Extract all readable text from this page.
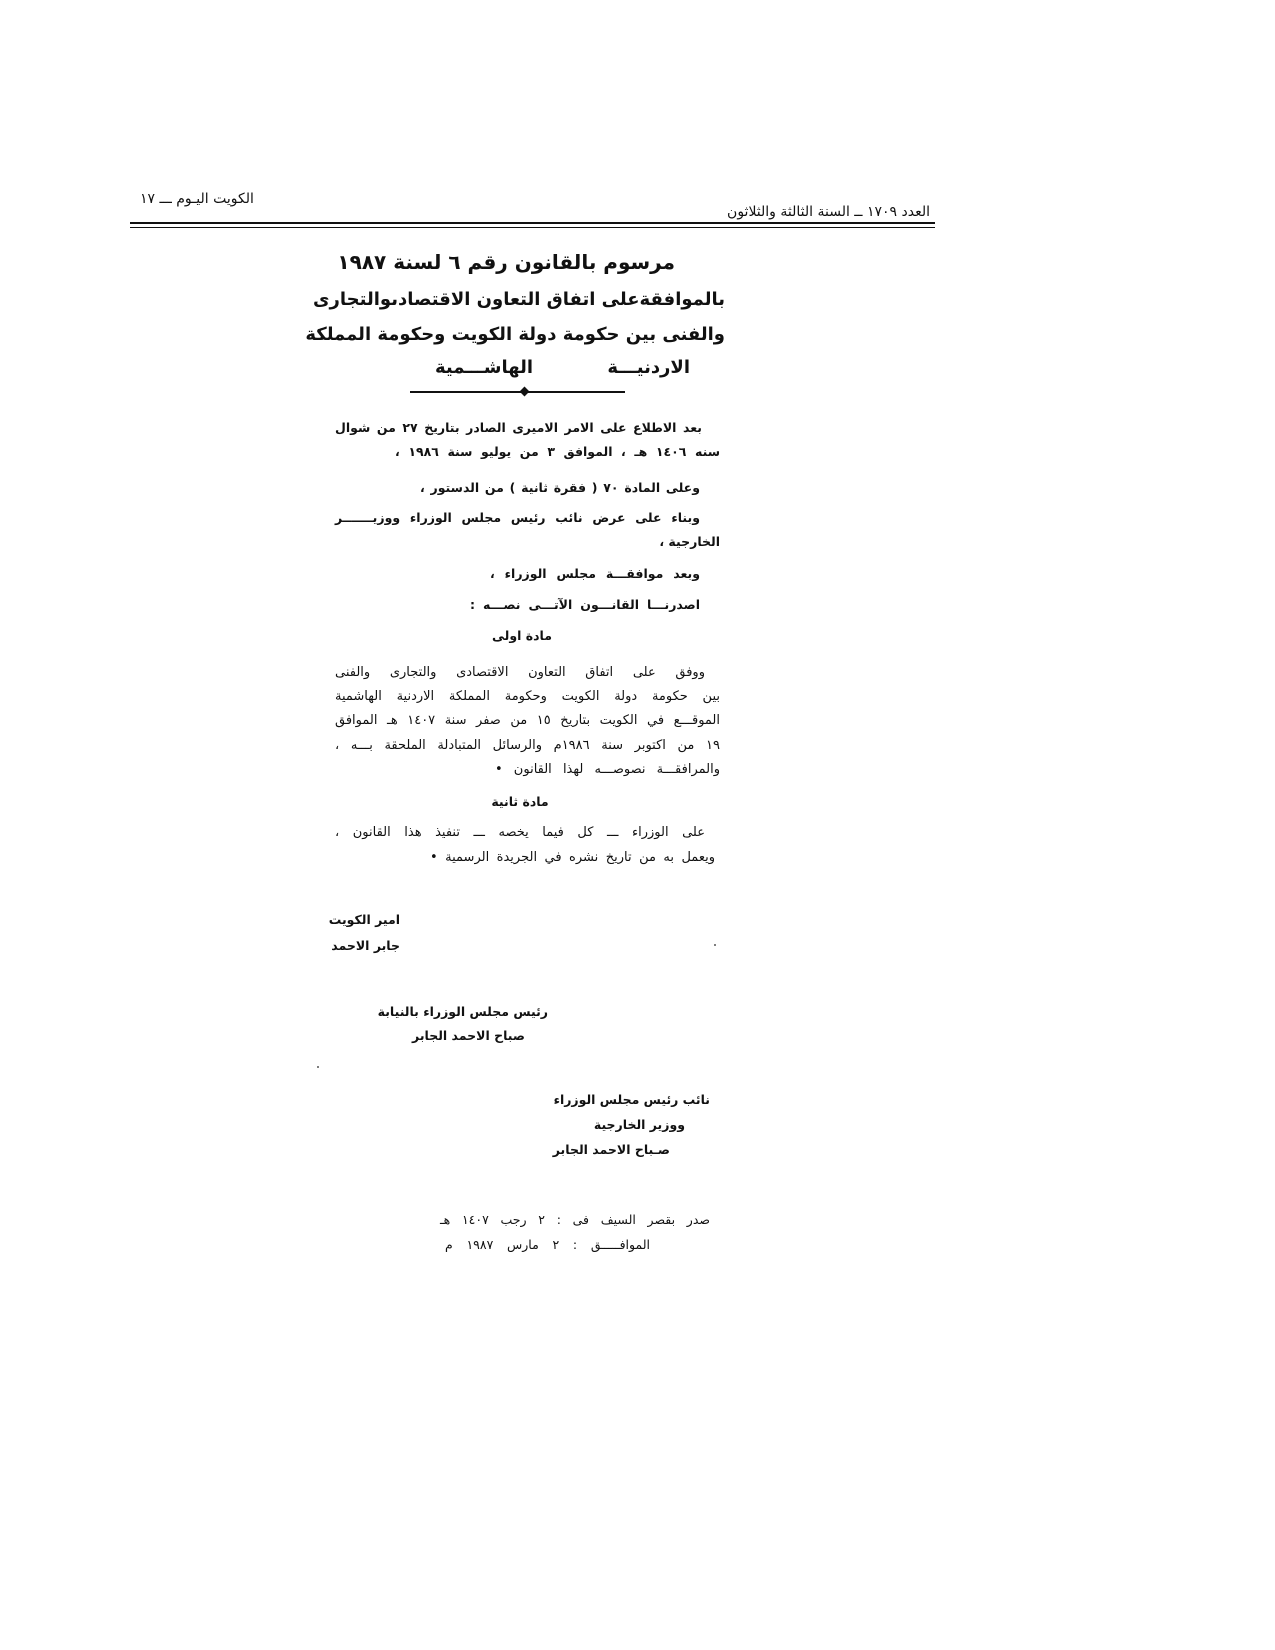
العدد ١٧٠٩ ــ السنة الثالثة والثلاثون
الكويت اليـوم ـــ ١٧
مرسوم بالقانون رقم ٦ لسنة ١٩٨٧
بالموافقةعلى اتفاق التعاون الاقتصادىوالتجارى
والفنى بين حكومة دولة الكويت وحكومة المملكة
الاردنيـــة الهاشـــمية
بعد الاطلاع على الامر الاميرى الصادر بتاريخ ٢٧ من شوال
سنه ١٤٠٦ هـ ، الموافق ٣ من يوليو سنة ١٩٨٦ ،
وعلى المادة ٧٠ ( فقرة ثانية ) من الدستور ،
وبناء على عرض نائب رئيس مجلس الوزراء ووزيـــــــر
الخارجية ،
وبعد موافقـــة مجلس الوزراء ،
اصدرنـــا القانـــون الآتـــى نصـــه :
مادة اولى
ووفق على اتفاق التعاون الاقتصادى والتجارى والفنى
بين حكومة دولة الكويت وحكومة المملكة الاردنية الهاشمية
الموقـــع في الكويت بتاريخ ١٥ من صفر سنة ١٤٠٧ هـ الموافق
١٩ من اكتوبر سنة ١٩٨٦م والرسائل المتبادلة الملحقة بـــه ،
والمرافقـــة نصوصـــه لهذا القانون •
مادة ثانية
على الوزراء ـــ كل فيما يخصه ـــ تنفيذ هذا القانون ،
ويعمل به من تاريخ نشره في الجريدة الرسمية •
امير الكويت
جابر الاحمد
رئيس مجلس الوزراء بالنيابة
صباح الاحمد الجابر
نائب رئيس مجلس الوزراء
ووزير الخارجية
صـباح الاحمد الجابر
صدر بقصر السيف فى : ٢ رجب ١٤٠٧ هـ
الموافـــــق : ٢ مارس ١٩٨٧ م
